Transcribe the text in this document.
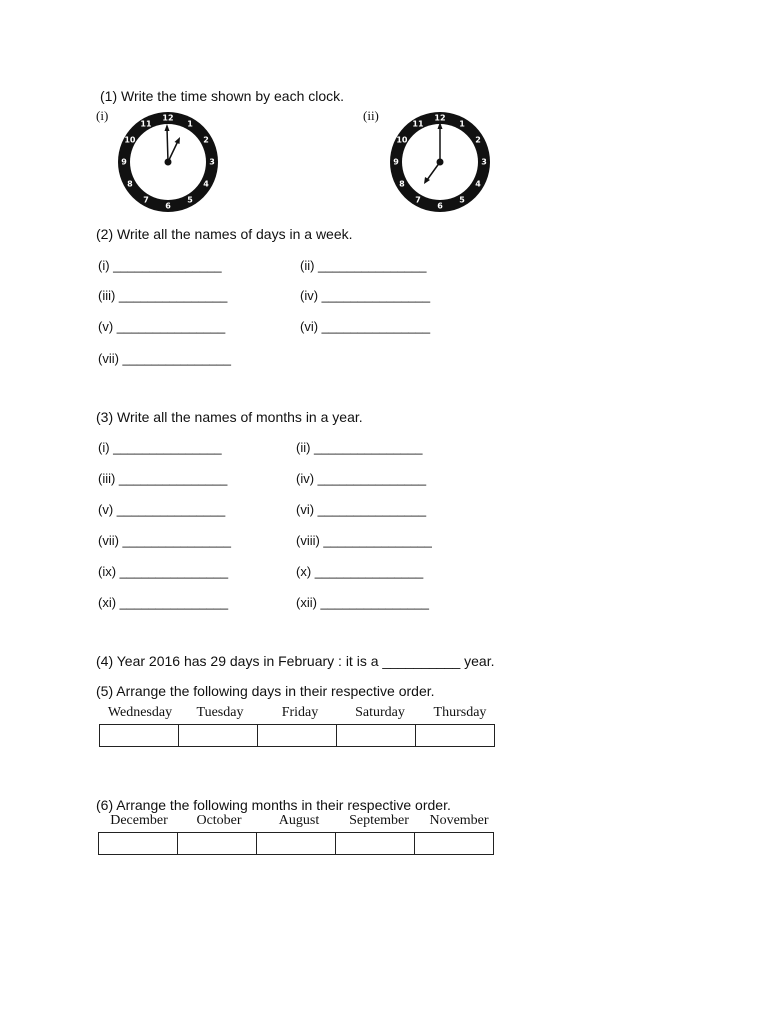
(1) Write the time shown by each clock.
(i)	12
1
2
3
4
5
6
7
8
9
10
11
(ii)	12
1
2
3
4
5
6
7
8
9
10
11
(2) Write all the names of days in a week.
(i) _______________	(ii) _______________
(iii) _______________	(iv) _______________
(v) _______________	(vi) _______________
(vii) _______________
(3) Write all the names of months in a year.
(i) _______________	(ii) _______________
(iii) _______________	(iv) _______________
(v) _______________	(vi) _______________
(vii) _______________	(viii) _______________
(ix) _______________	(x) _______________
(xi) _______________	(xii) _______________
(4) Year 2016 has 29 days in February : it is a __________ year.
(5) Arrange the following days in their respective order.
Wednesday	Tuesday	Friday	Saturday	Thursday

(6) Arrange the following months in their respective order.
December	October	August	September	November
